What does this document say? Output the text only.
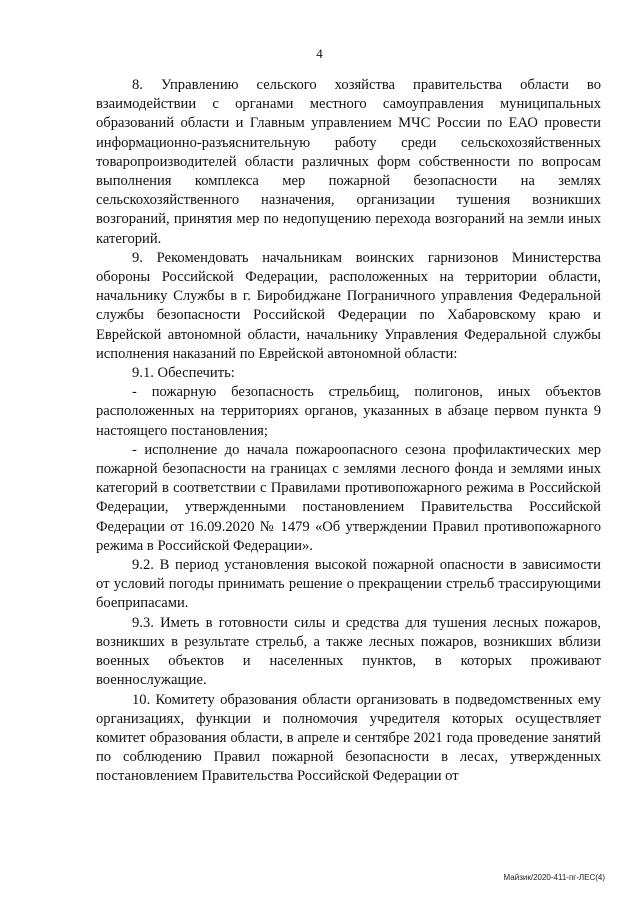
4

8. Управлению сельского хозяйства правительства области во взаимодействии с органами местного самоуправления муниципальных образований области и Главным управлением МЧС России по ЕАО провести информационно-разъяснительную работу среди сельскохозяйственных товаропроизводителей области различных форм собственности по вопросам выполнения комплекса мер пожарной безопасности на землях сельскохозяйственного назначения, организации тушения возникших возгораний, принятия мер по недопущению перехода возгораний на земли иных категорий.

9. Рекомендовать начальникам воинских гарнизонов Министерства обороны Российской Федерации, расположенных на территории области, начальнику Службы в г. Биробиджане Пограничного управления Федеральной службы безопасности Российской Федерации по Хабаровскому краю и Еврейской автономной области, начальнику Управления Федеральной службы исполнения наказаний по Еврейской автономной области:

9.1. Обеспечить:

- пожарную безопасность стрельбищ, полигонов, иных объектов расположенных на территориях органов, указанных в абзаце первом пункта 9 настоящего постановления;

- исполнение до начала пожароопасного сезона профилактических мер пожарной безопасности на границах с землями лесного фонда и землями иных категорий в соответствии с Правилами противопожарного режима в Российской Федерации, утвержденными постановлением Правительства Российской Федерации от 16.09.2020 № 1479 «Об утверждении Правил противопожарного режима в Российской Федерации».

9.2. В период установления высокой пожарной опасности в зависимости от условий погоды принимать решение о прекращении стрельб трассирующими боеприпасами.

9.3. Иметь в готовности силы и средства для тушения лесных пожаров, возникших в результате стрельб, а также лесных пожаров, возникших вблизи военных объектов и населенных пунктов, в которых проживают военнослужащие.

10. Комитету образования области организовать в подведомственных ему организациях, функции и полномочия учредителя которых осуществляет комитет образования области, в апреле и сентябре 2021 года проведение занятий по соблюдению Правил пожарной безопасности в лесах, утвержденных постановлением Правительства Российской Федерации от

Майзик/2020-411-пг-ЛЕС(4)
